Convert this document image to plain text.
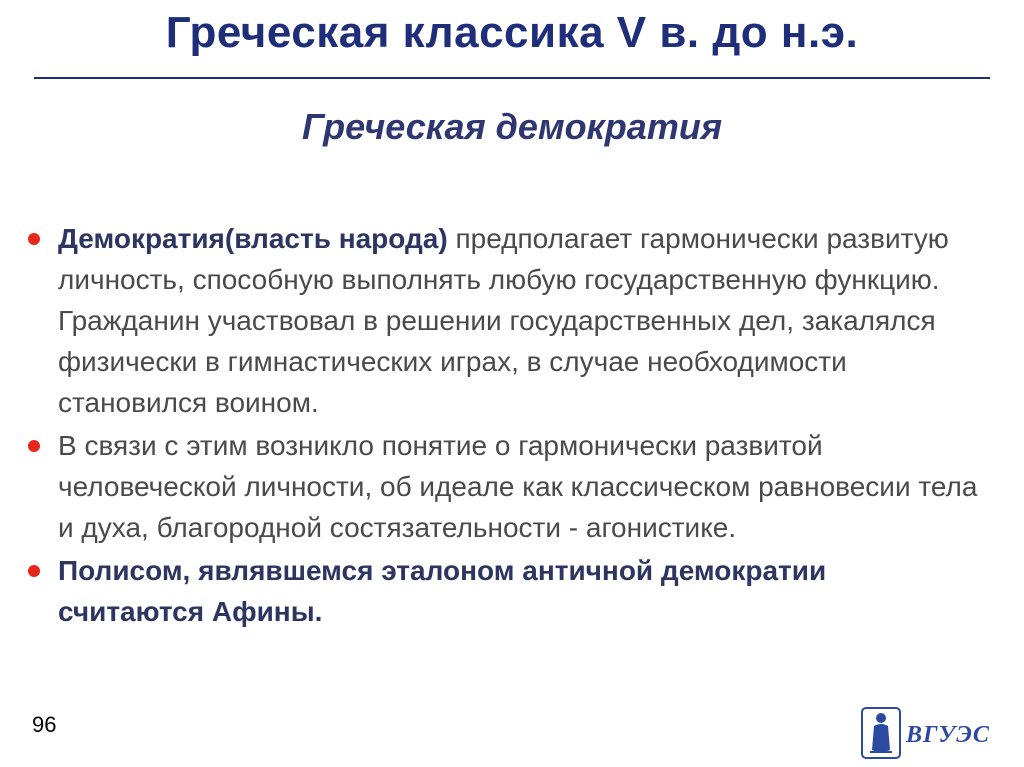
Греческая классика V в. до н.э.
Греческая демократия
Демократия(власть народа) предполагает гармонически развитую личность, способную выполнять любую государственную функцию. Гражданин участвовал в решении государственных дел, закалялся физически в гимнастических играх, в случае необходимости становился воином.
В связи с этим возникло понятие о гармонически развитой человеческой личности, об идеале как классическом равновесии тела и духа, благородной состязательности - агонистике.
Полисом, являвшемся эталоном античной демократии считаются Афины.
96	ВГУЭС
